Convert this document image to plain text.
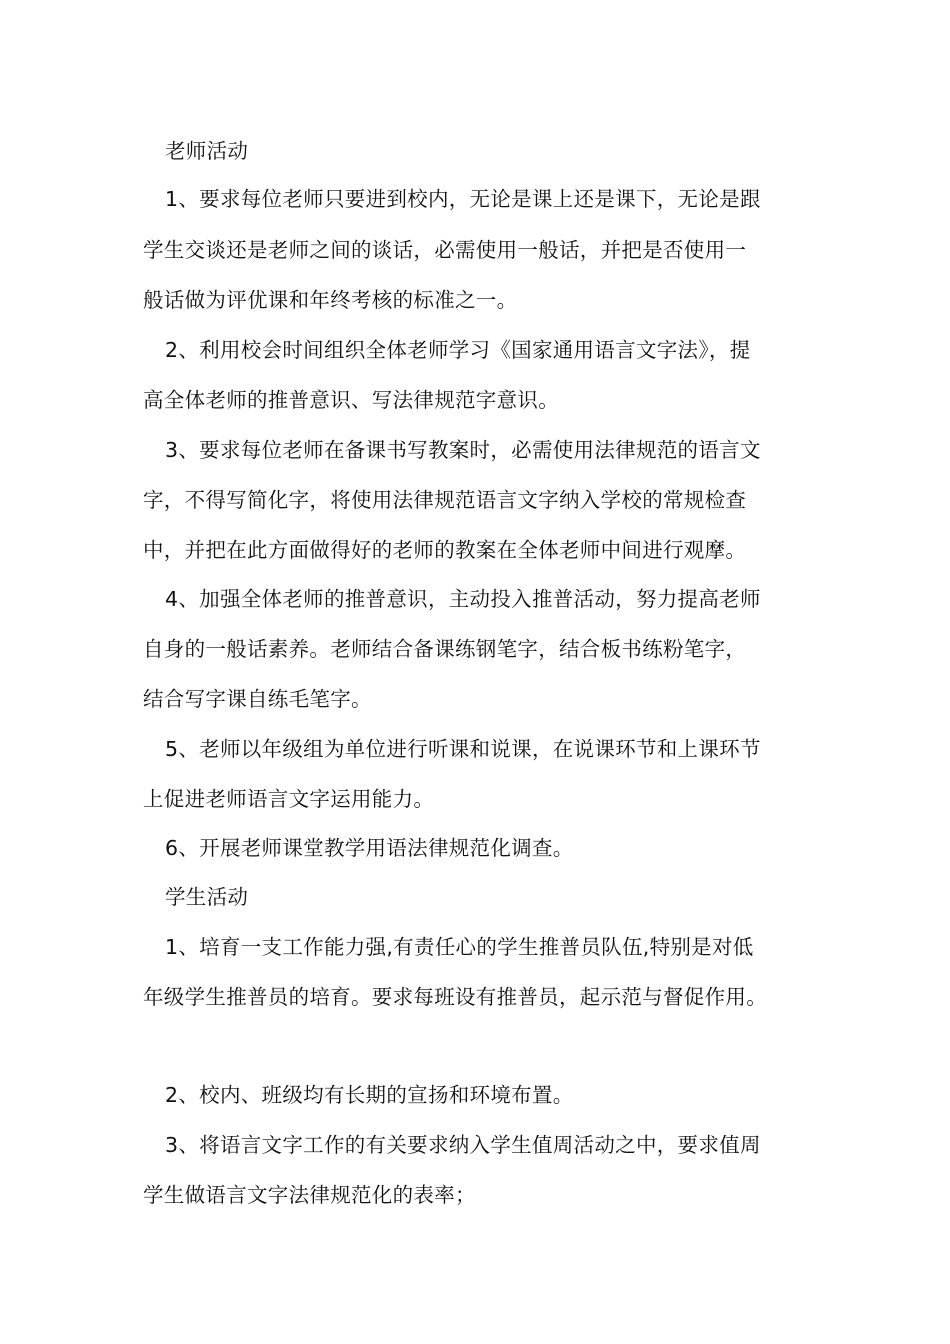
老师活动
1、要求每位老师只要进到校内，无论是课上还是课下，无论是跟
学生交谈还是老师之间的谈话，必需使用一般话，并把是否使用一
般话做为评优课和年终考核的标准之一。
2、利用校会时间组织全体老师学习《国家通用语言文字法》，提
高全体老师的推普意识、写法律规范字意识。
3、要求每位老师在备课书写教案时，必需使用法律规范的语言文
字，不得写简化字，将使用法律规范语言文字纳入学校的常规检查
中，并把在此方面做得好的老师的教案在全体老师中间进行观摩。
4、加强全体老师的推普意识，主动投入推普活动，努力提高老师
自身的一般话素养。老师结合备课练钢笔字，结合板书练粉笔字，
结合写字课自练毛笔字。
5、老师以年级组为单位进行听课和说课，在说课环节和上课环节
上促进老师语言文字运用能力。
6、开展老师课堂教学用语法律规范化调查。
学生活动
1、培育一支工作能力强,有责任心的学生推普员队伍,特别是对低
年级学生推普员的培育。要求每班设有推普员，起示范与督促作用。
2、校内、班级均有长期的宣扬和环境布置。
3、将语言文字工作的有关要求纳入学生值周活动之中，要求值周
学生做语言文字法律规范化的表率；
